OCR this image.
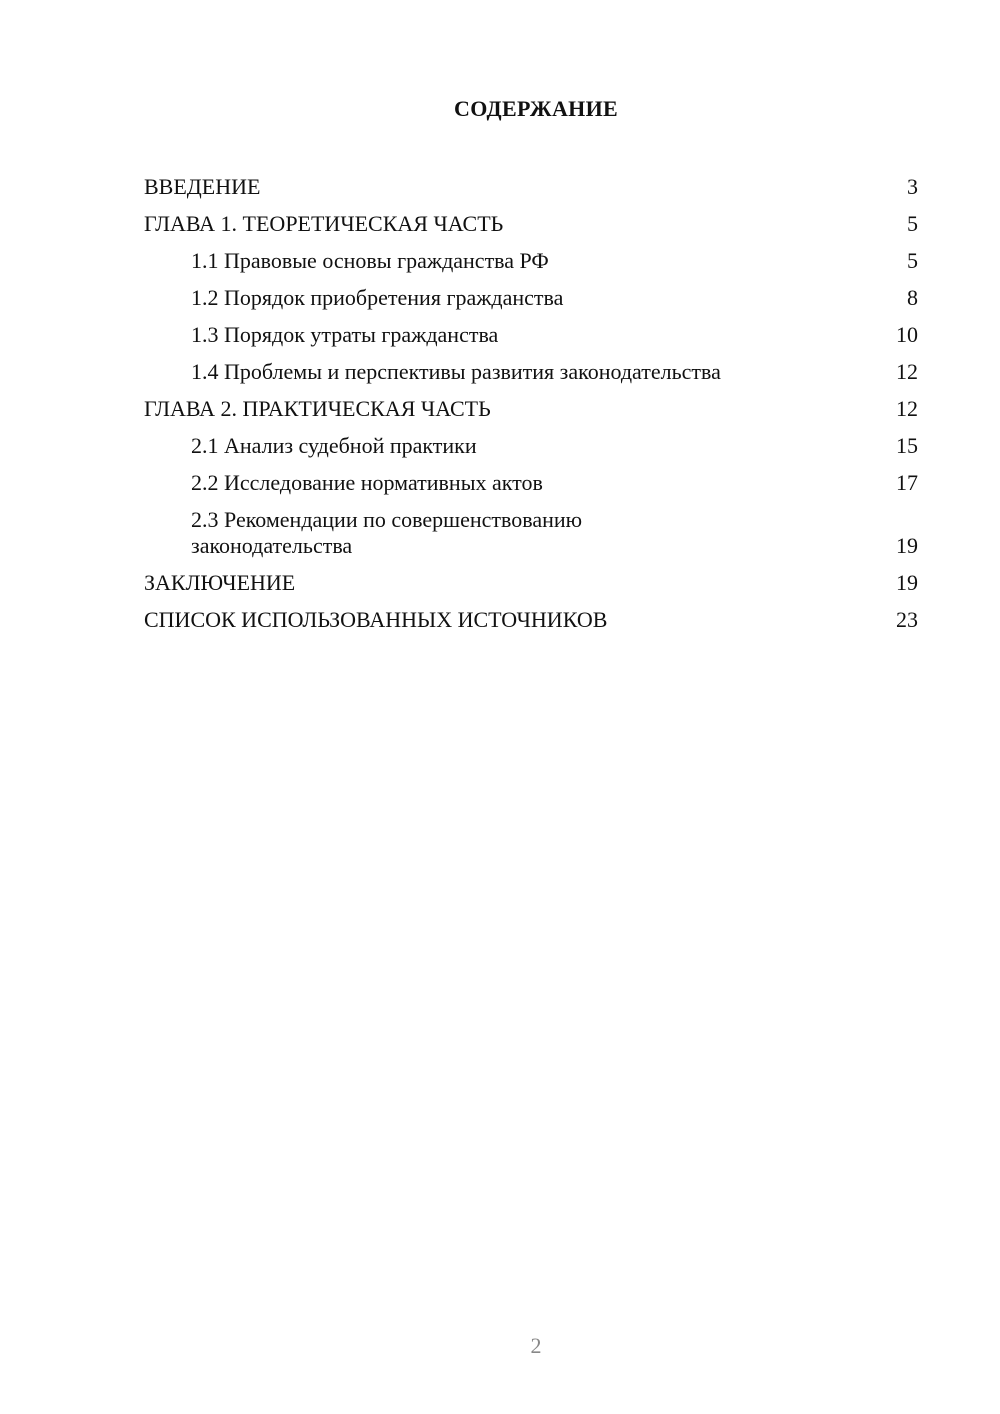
СОДЕРЖАНИЕ
ВВЕДЕНИЕ	3
ГЛАВА 1. ТЕОРЕТИЧЕСКАЯ ЧАСТЬ	5
1.1 Правовые основы гражданства РФ	5
1.2 Порядок приобретения гражданства	8
1.3 Порядок утраты гражданства	10
1.4 Проблемы и перспективы развития законодательства	12
ГЛАВА 2. ПРАКТИЧЕСКАЯ ЧАСТЬ	12
2.1 Анализ судебной практики	15
2.2 Исследование нормативных актов	17
2.3 Рекомендации по совершенствованию законодательства	19
ЗАКЛЮЧЕНИЕ	19
СПИСОК ИСПОЛЬЗОВАННЫХ ИСТОЧНИКОВ	23
2
